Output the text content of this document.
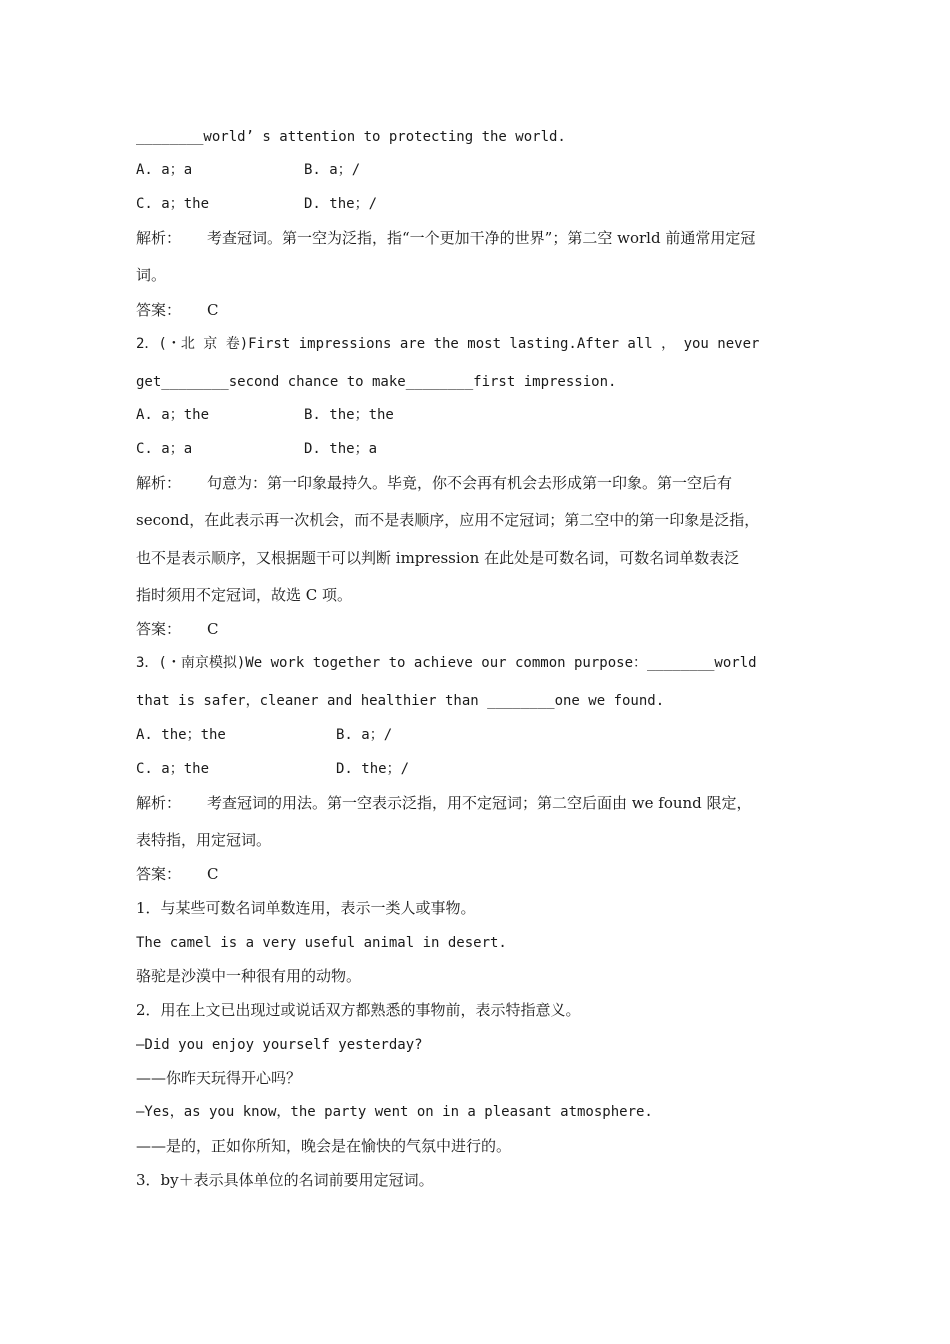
________world’ s attention to protecting the world.
A. a；a	B. a；/
C. a；the	D. the；/
解析： 考查冠词。第一空为泛指，指“一个更加干净的世界”；第二空 world 前通常用定冠
词。
答案： C
2．(・北 京 卷)First impressions are the most lasting.After all ， you never
get________second chance to make________first impression.
A. a；the	B. the；the
C. a；a	D. the；a
解析： 句意为：第一印象最持久。毕竟，你不会再有机会去形成第一印象。第一空后有
second，在此表示再一次机会，而不是表顺序，应用不定冠词；第二空中的第一印象是泛指，
也不是表示顺序，又根据题干可以判断 impression 在此处是可数名词，可数名词单数表泛
指时须用不定冠词，故选 C 项。
答案： C
3．(・南京模拟)We work together to achieve our common purpose：________world
that is safer，cleaner and healthier than ________one we found.
A. the；the	B. a；/
C. a；the	D. the；/
解析： 考查冠词的用法。第一空表示泛指，用不定冠词；第二空后面由 we found 限定，
表特指，用定冠词。
答案： C
1．与某些可数名词单数连用，表示一类人或事物。
The camel is a very useful animal in desert.
骆驼是沙漠中一种很有用的动物。
2．用在上文已出现过或说话双方都熟悉的事物前，表示特指意义。
—Did you enjoy yourself yesterday?
——你昨天玩得开心吗？
—Yes，as you know，the party went on in a pleasant atmosphere.
——是的，正如你所知，晚会是在愉快的气氛中进行的。
3．by＋表示具体单位的名词前要用定冠词。
